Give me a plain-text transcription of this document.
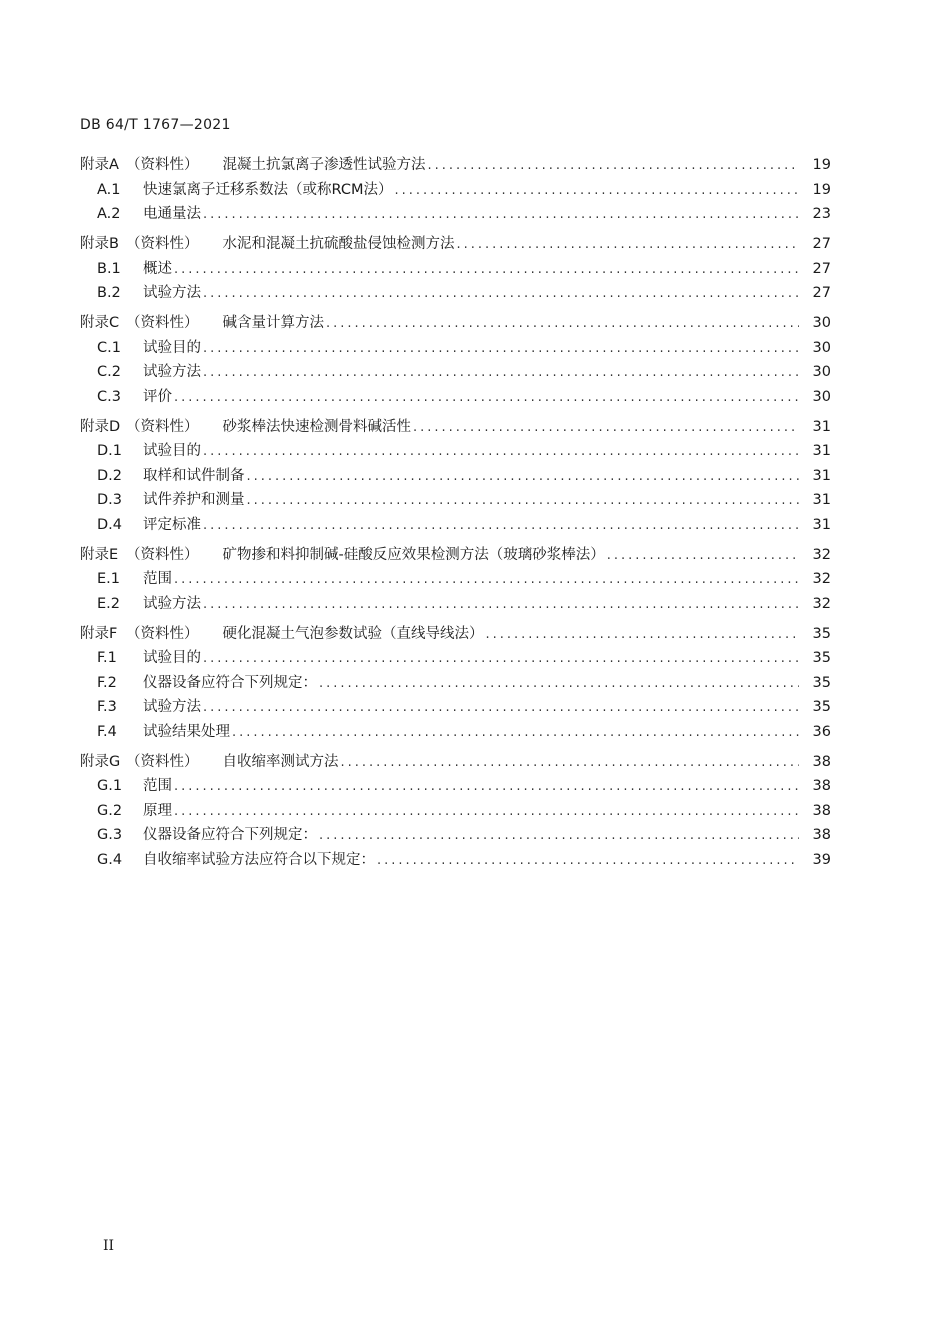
DB 64/T 1767—2021
附录A （资料性） 混凝土抗氯离子渗透性试验方法 .....	19
A.1 快速氯离子迁移系数法（或称RCM法） .....	19
A.2 电通量法 .....	23
附录B （资料性） 水泥和混凝土抗硫酸盐侵蚀检测方法 .....	27
B.1 概述 .....	27
B.2 试验方法 .....	27
附录C （资料性） 碱含量计算方法 .....	30
C.1 试验目的 .....	30
C.2 试验方法 .....	30
C.3 评价 .....	30
附录D （资料性） 砂浆棒法快速检测骨料碱活性 .....	31
D.1 试验目的 .....	31
D.2 取样和试件制备 .....	31
D.3 试件养护和测量 .....	31
D.4 评定标准 .....	31
附录E （资料性） 矿物掺和料抑制碱-硅酸反应效果检测方法（玻璃砂浆棒法） .....	32
E.1 范围 .....	32
E.2 试验方法 .....	32
附录F （资料性） 硬化混凝土气泡参数试验（直线导线法） .....	35
F.1 试验目的 .....	35
F.2 仪器设备应符合下列规定： .....	35
F.3 试验方法 .....	35
F.4 试验结果处理 .....	36
附录G （资料性） 自收缩率测试方法 .....	38
G.1 范围 .....	38
G.2 原理 .....	38
G.3 仪器设备应符合下列规定： .....	38
G.4 自收缩率试验方法应符合以下规定： .....	39
II
